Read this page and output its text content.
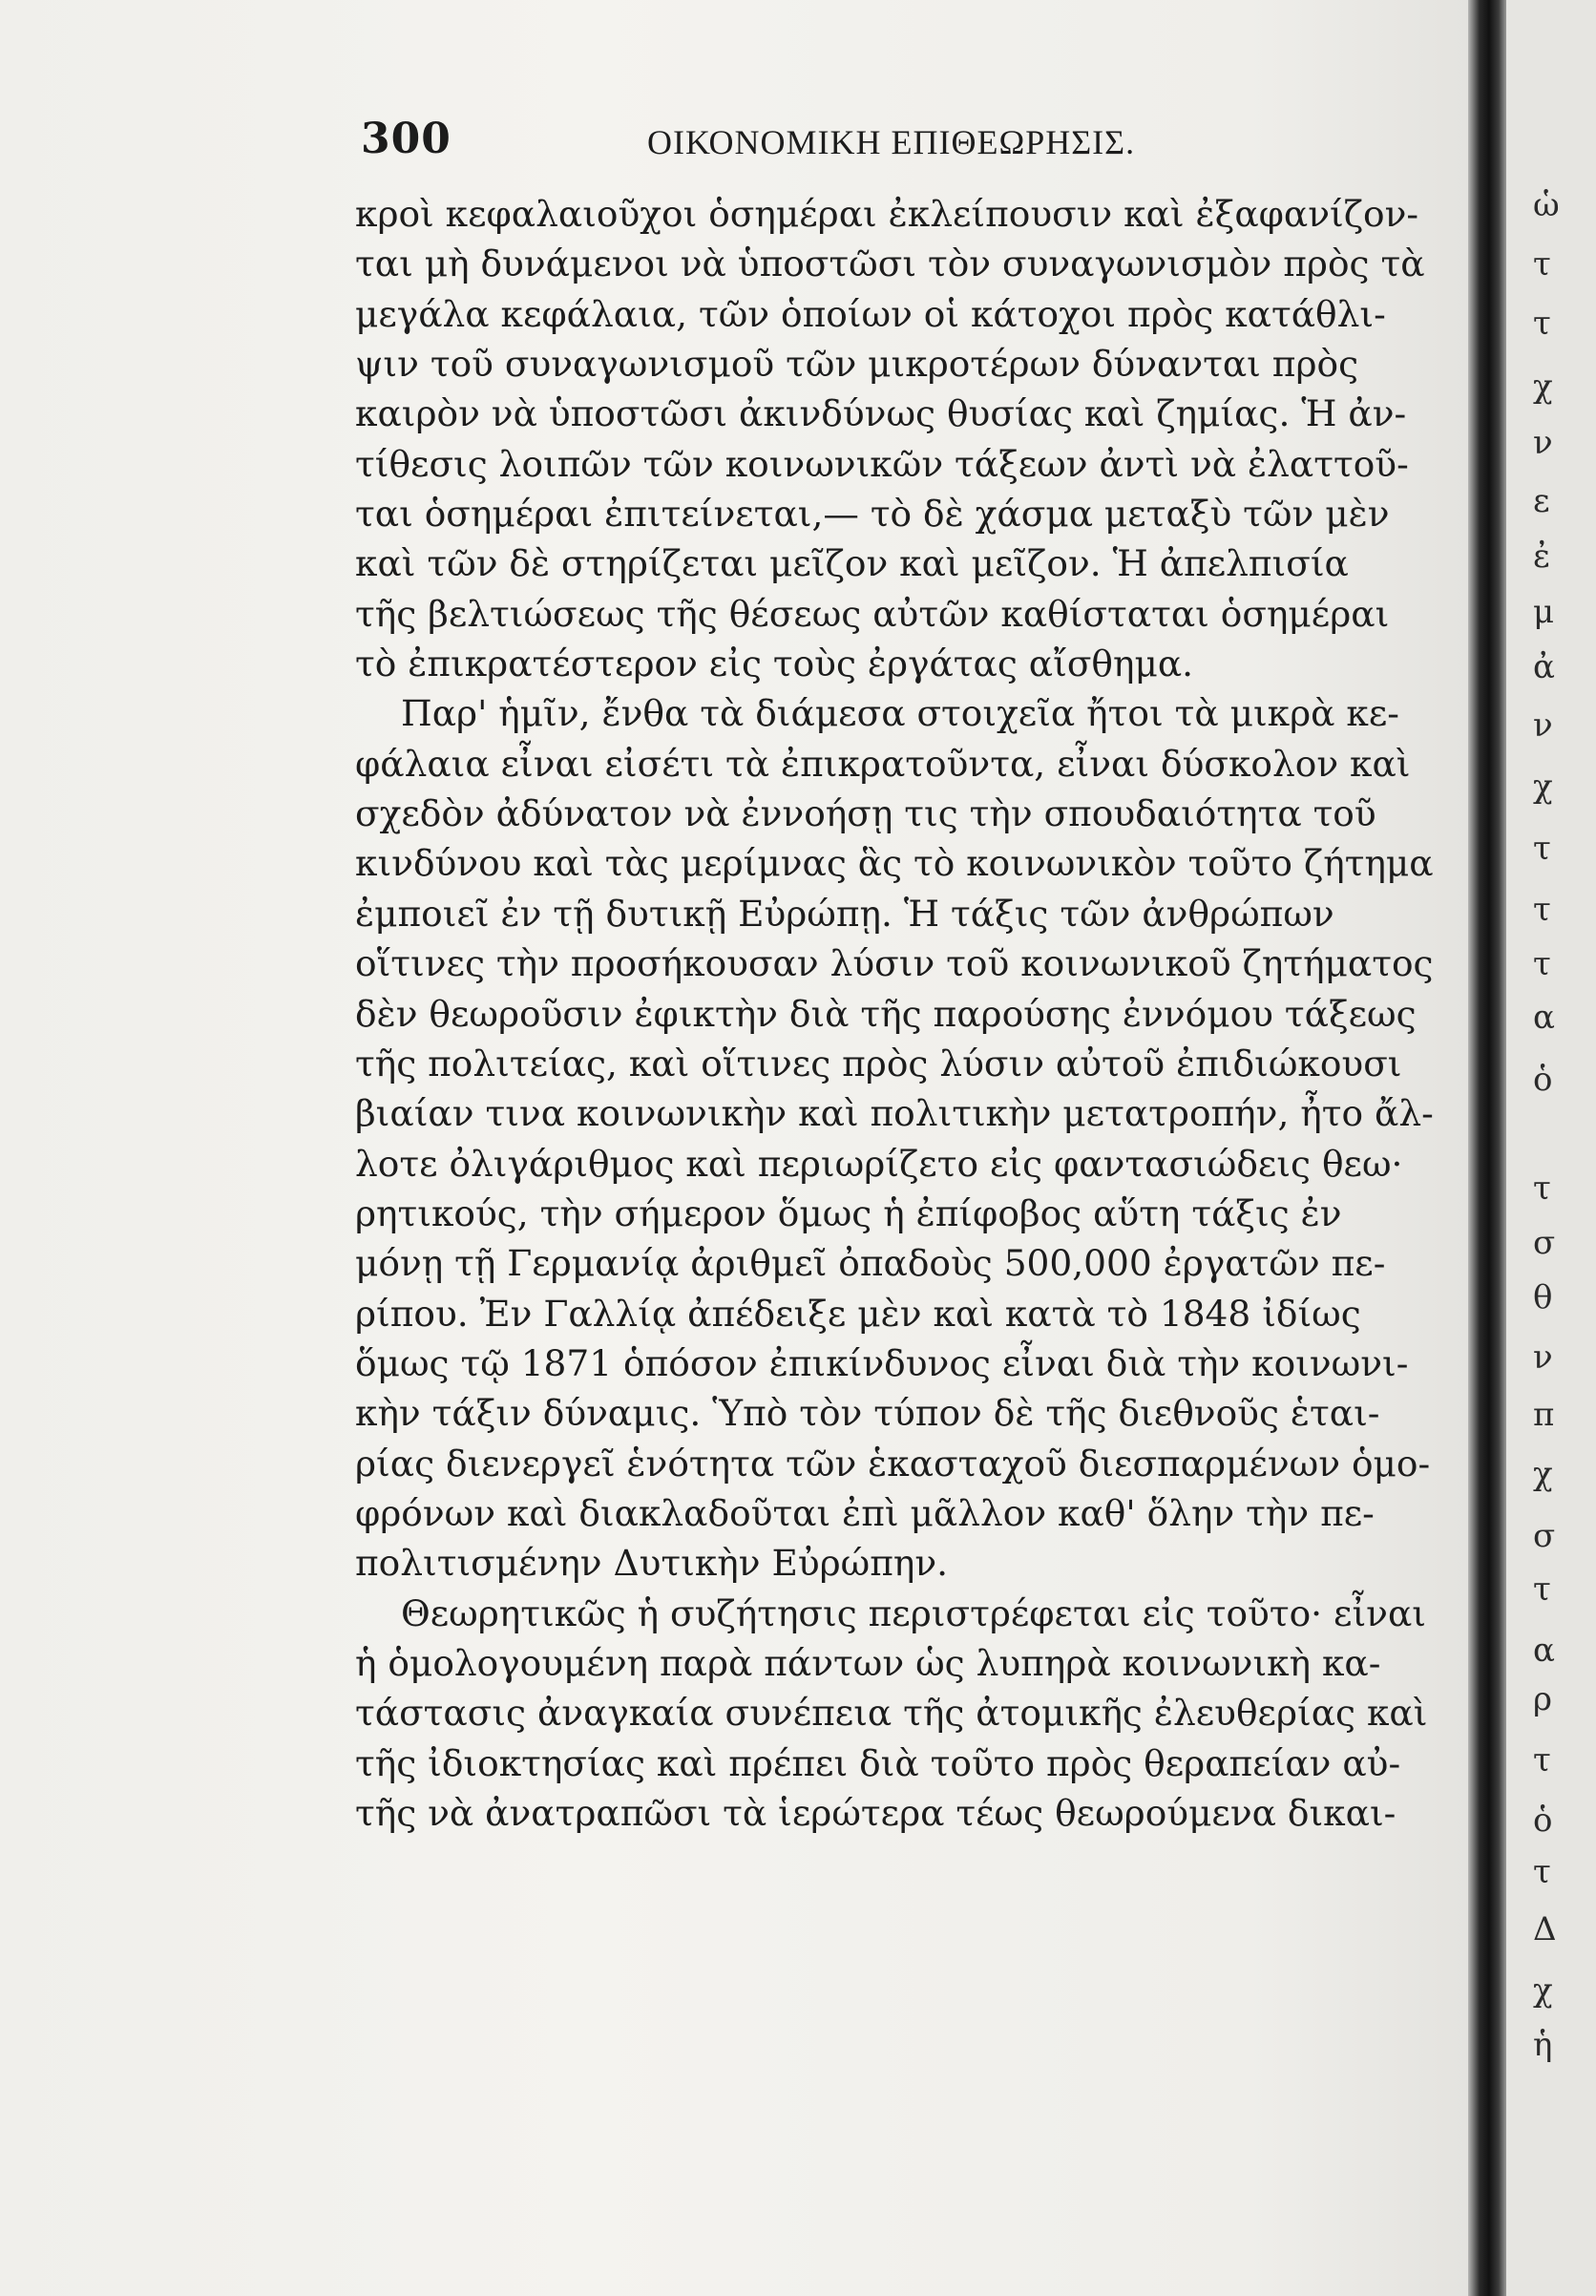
300	ΟΙΚΟΝΟΜΙΚΗ ΕΠΙΘΕΩΡΗΣΙΣ.
κροὶ κεφαλαιοῦχοι ὁσημέραι ἐκλείπουσιν καὶ ἐξαφανίζον-
ται μὴ δυνάμενοι νὰ ὑποστῶσι τὸν συναγωνισμὸν πρὸς τὰ
μεγάλα κεφάλαια, τῶν ὁποίων οἱ κάτοχοι πρὸς κατάθλι-
ψιν τοῦ συναγωνισμοῦ τῶν μικροτέρων δύνανται πρὸς
καιρὸν νὰ ὑποστῶσι ἀκινδύνως θυσίας καὶ ζημίας. Ἡ ἀν-
τίθεσις λοιπῶν τῶν κοινωνικῶν τάξεων ἀντὶ νὰ ἐλαττοῦ-
ται ὁσημέραι ἐπιτείνεται,— τὸ δὲ χάσμα μεταξὺ τῶν μὲν
καὶ τῶν δὲ στηρίζεται μεῖζον καὶ μεῖζον. Ἡ ἀπελπισία
τῆς βελτιώσεως τῆς θέσεως αὐτῶν καθίσταται ὁσημέραι
τὸ ἐπικρατέστερον εἰς τοὺς ἐργάτας αἴσθημα.
Παρ' ἡμῖν, ἔνθα τὰ διάμεσα στοιχεῖα ἤτοι τὰ μικρὰ κε-
φάλαια εἶναι εἰσέτι τὰ ἐπικρατοῦντα, εἶναι δύσκολον καὶ
σχεδὸν ἀδύνατον νὰ ἐννοήσῃ τις τὴν σπουδαιότητα τοῦ
κινδύνου καὶ τὰς μερίμνας ἃς τὸ κοινωνικὸν τοῦτο ζήτημα
ἐμποιεῖ ἐν τῇ δυτικῇ Εὐρώπῃ. Ἡ τάξις τῶν ἀνθρώπων
οἵτινες τὴν προσήκουσαν λύσιν τοῦ κοινωνικοῦ ζητήματος
δὲν θεωροῦσιν ἐφικτὴν διὰ τῆς παρούσης ἐννόμου τάξεως
τῆς πολιτείας, καὶ οἵτινες πρὸς λύσιν αὐτοῦ ἐπιδιώκουσι
βιαίαν τινα κοινωνικὴν καὶ πολιτικὴν μετατροπήν, ἦτο ἄλ-
λοτε ὀλιγάριθμος καὶ περιωρίζετο εἰς φαντασιώδεις θεω·
ρητικούς, τὴν σήμερον ὅμως ἡ ἐπίφοβος αὕτη τάξις ἐν
μόνῃ τῇ Γερμανίᾳ ἀριθμεῖ ὀπαδοὺς 500,000 ἐργατῶν πε-
ρίπου. Ἐν Γαλλίᾳ ἀπέδειξε μὲν καὶ κατὰ τὸ 1848 ἰδίως
ὅμως τῷ 1871 ὁπόσον ἐπικίνδυνος εἶναι διὰ τὴν κοινωνι-
κὴν τάξιν δύναμις. Ὑπὸ τὸν τύπον δὲ τῆς διεθνοῦς ἑται-
ρίας διενεργεῖ ἑνότητα τῶν ἑκασταχοῦ διεσπαρμένων ὁμο-
φρόνων καὶ διακλαδοῦται ἐπὶ μᾶλλον καθ' ὅλην τὴν πε-
πολιτισμένην Δυτικὴν Εὐρώπην.
Θεωρητικῶς ἡ συζήτησις περιστρέφεται εἰς τοῦτο· εἶναι
ἡ ὁμολογουμένη παρὰ πάντων ὡς λυπηρὰ κοινωνικὴ κα-
τάστασις ἀναγκαία συνέπεια τῆς ἀτομικῆς ἐλευθερίας καὶ
τῆς ἰδιοκτησίας καὶ πρέπει διὰ τοῦτο πρὸς θεραπείαν αὐ-
τῆς νὰ ἀνατραπῶσι τὰ ἱερώτερα τέως θεωρούμενα δικαι-
ὡ
τ
τ
χ
ν
ε
ἐ
μ
ἀ
ν
χ
τ
τ
τ
α
ὁ
τ
σ
θ
ν
π
χ
σ
τ
α
ρ
τ
ὁ
τ
Δ
χ
ἡ
